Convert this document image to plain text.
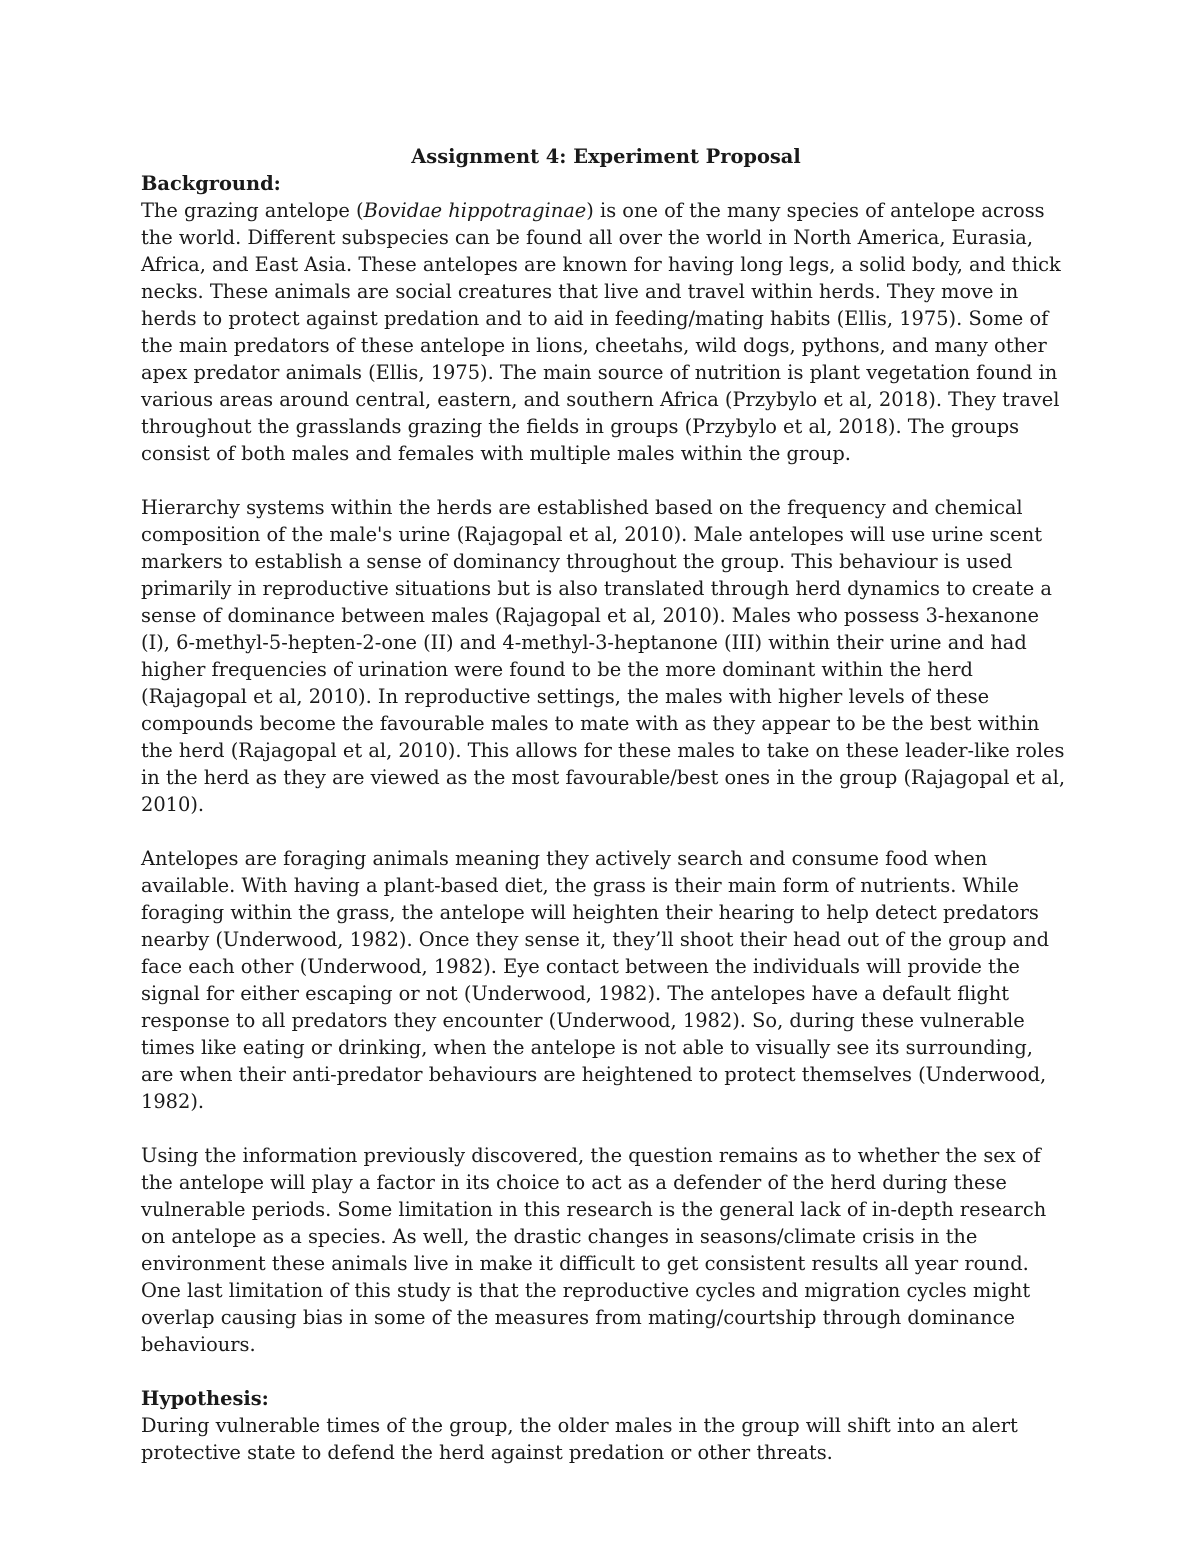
Assignment 4: Experiment Proposal

Background:

The grazing antelope (Bovidae hippotraginae) is one of the many species of antelope across the world. Different subspecies can be found all over the world in North America, Eurasia, Africa, and East Asia. These antelopes are known for having long legs, a solid body, and thick necks. These animals are social creatures that live and travel within herds. They move in herds to protect against predation and to aid in feeding/mating habits (Ellis, 1975). Some of the main predators of these antelope in lions, cheetahs, wild dogs, pythons, and many other apex predator animals (Ellis, 1975). The main source of nutrition is plant vegetation found in various areas around central, eastern, and southern Africa (Przybylo et al, 2018). They travel throughout the grasslands grazing the fields in groups (Przybylo et al, 2018). The groups consist of both males and females with multiple males within the group.

Hierarchy systems within the herds are established based on the frequency and chemical composition of the male's urine (Rajagopal et al, 2010). Male antelopes will use urine scent markers to establish a sense of dominancy throughout the group. This behaviour is used primarily in reproductive situations but is also translated through herd dynamics to create a sense of dominance between males (Rajagopal et al, 2010). Males who possess 3-hexanone (I), 6-methyl-5-hepten-2-one (II) and 4-methyl-3-heptanone (III) within their urine and had higher frequencies of urination were found to be the more dominant within the herd (Rajagopal et al, 2010). In reproductive settings, the males with higher levels of these compounds become the favourable males to mate with as they appear to be the best within the herd (Rajagopal et al, 2010). This allows for these males to take on these leader-like roles in the herd as they are viewed as the most favourable/best ones in the group (Rajagopal et al, 2010).

Antelopes are foraging animals meaning they actively search and consume food when available. With having a plant-based diet, the grass is their main form of nutrients. While foraging within the grass, the antelope will heighten their hearing to help detect predators nearby (Underwood, 1982). Once they sense it, they’ll shoot their head out of the group and face each other (Underwood, 1982). Eye contact between the individuals will provide the signal for either escaping or not (Underwood, 1982). The antelopes have a default flight response to all predators they encounter (Underwood, 1982). So, during these vulnerable times like eating or drinking, when the antelope is not able to visually see its surrounding, are when their anti-predator behaviours are heightened to protect themselves (Underwood, 1982).

Using the information previously discovered, the question remains as to whether the sex of the antelope will play a factor in its choice to act as a defender of the herd during these vulnerable periods. Some limitation in this research is the general lack of in-depth research on antelope as a species. As well, the drastic changes in seasons/climate crisis in the environment these animals live in make it difficult to get consistent results all year round. One last limitation of this study is that the reproductive cycles and migration cycles might overlap causing bias in some of the measures from mating/courtship through dominance behaviours.

Hypothesis:

During vulnerable times of the group, the older males in the group will shift into an alert protective state to defend the herd against predation or other threats.
